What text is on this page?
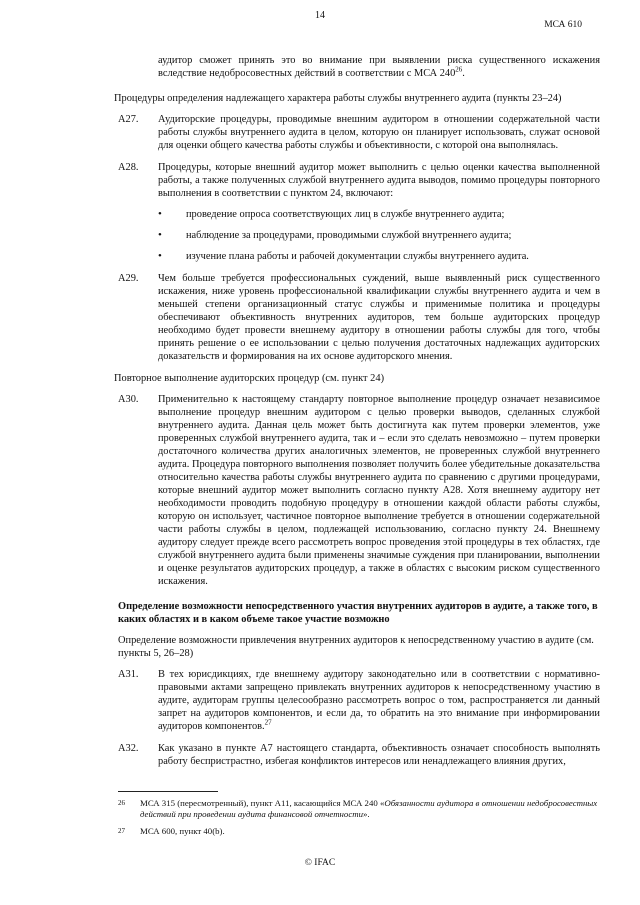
14
МСА 610
аудитор сможет принять это во внимание при выявлении риска существенного искажения вследствие недобросовестных действий в соответствии с МСА $240^{26}$.
Процедуры определения надлежащего характера работы службы внутреннего аудита (пункты 23–24)
A27.	Аудиторские процедуры, проводимые внешним аудитором в отношении содержательной части работы службы внутреннего аудита в целом, которую он планирует использовать, служат основой для оценки общего качества работы службы и объективности, с которой она выполнялась.
A28.	Процедуры, которые внешний аудитор может выполнить с целью оценки качества выполненной работы, а также полученных службой внутреннего аудита выводов, помимо процедуры повторного выполнения в соответствии с пунктом 24, включают:
•	проведение опроса соответствующих лиц в службе внутреннего аудита;
•	наблюдение за процедурами, проводимыми службой внутреннего аудита;
•	изучение плана работы и рабочей документации службы внутреннего аудита.
A29.	Чем больше требуется профессиональных суждений, выше выявленный риск существенного искажения, ниже уровень профессиональной квалификации службы внутреннего аудита и чем в меньшей степени организационный статус службы и применимые политика и процедуры обеспечивают объективность внутренних аудиторов, тем больше аудиторских процедур необходимо будет провести внешнему аудитору в отношении работы службы для того, чтобы принять решение о ее использовании с целью получения достаточных надлежащих аудиторских доказательств и формирования на их основе аудиторского мнения.
Повторное выполнение аудиторских процедур (см. пункт 24)
A30.	Применительно к настоящему стандарту повторное выполнение процедур означает независимое выполнение процедур внешним аудитором с целью проверки выводов, сделанных службой внутреннего аудита. Данная цель может быть достигнута как путем проверки элементов, уже проверенных службой внутреннего аудита, так и – если это сделать невозможно – путем проверки достаточного количества других аналогичных элементов, не проверенных службой внутреннего аудита. Процедура повторного выполнения позволяет получить более убедительные доказательства относительно качества работы службы внутреннего аудита по сравнению с другими процедурами, которые внешний аудитор может выполнить согласно пункту A28. Хотя внешнему аудитору нет необходимости проводить подобную процедуру в отношении каждой области работы службы, которую он использует, частичное повторное выполнение требуется в отношении содержательной части работы службы в целом, подлежащей использованию, согласно пункту 24. Внешнему аудитору следует прежде всего рассмотреть вопрос проведения этой процедуры в тех областях, где службой внутреннего аудита были применены значимые суждения при планировании, выполнении и оценке результатов аудиторских процедур, а также в областях с высоким риском существенного искажения.
Определение возможности непосредственного участия внутренних аудиторов в аудите, а также того, в каких областях и в каком объеме такое участие возможно
Определение возможности привлечения внутренних аудиторов к непосредственному участию в аудите (см. пункты 5, 26–28)
A31.	В тех юрисдикциях, где внешнему аудитору законодательно или в соответствии с нормативно-правовыми актами запрещено привлекать внутренних аудиторов к непосредственному участию в аудите, аудиторам группы целесообразно рассмотреть вопрос о том, распространяется ли данный запрет на аудиторов компонентов, и если да, то обратить на это внимание при информировании аудиторов компонентов.$^{27}$
A32.	Как указано в пункте A7 настоящего стандарта, объективность означает способность выполнять работу беспристрастно, избегая конфликтов интересов или ненадлежащего влияния других,
26	МСА 315 (пересмотренный), пункт A11, касающийся МСА 240 «Обязанности аудитора в отношении недобросовестных действий при проведении аудита финансовой отчетности».
27	МСА 600, пункт 40(b).
© IFAC
